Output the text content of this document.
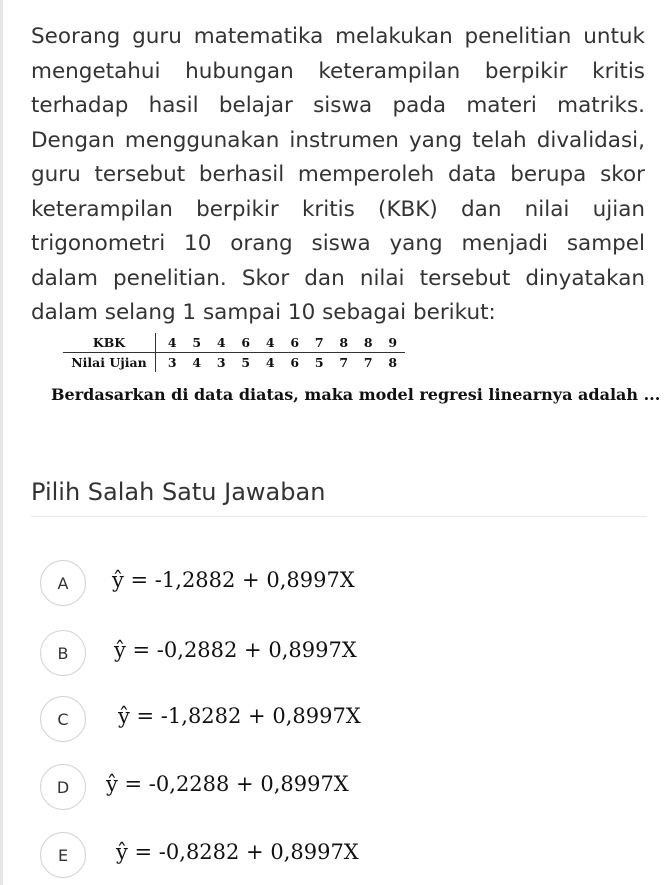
Seorang guru matematika melakukan penelitian untuk mengetahui hubungan keterampilan berpikir kritis terhadap hasil belajar siswa pada materi matriks. Dengan menggunakan instrumen yang telah divalidasi, guru tersebut berhasil memperoleh data berupa skor keterampilan berpikir kritis (KBK) dan nilai ujian trigonometri 10 orang siswa yang menjadi sampel dalam penelitian. Skor dan nilai tersebut dinyatakan dalam selang 1 sampai 10 sebagai berikut:
KBK		4	5	4	6	4	6	7	8	8	9
Nilai Ujian		3	4	3	5	4	6	5	7	7	8
Berdasarkan di data diatas, maka model regresi linearnya adalah ...
Pilih Salah Satu Jawaban
A	ŷ = -1,2882 + 0,8997X
B	ŷ = -0,2882 + 0,8997X
C	ŷ = -1,8282 + 0,8997X
D	ŷ = -0,2288 + 0,8997X
E	ŷ = -0,8282 + 0,8997X
